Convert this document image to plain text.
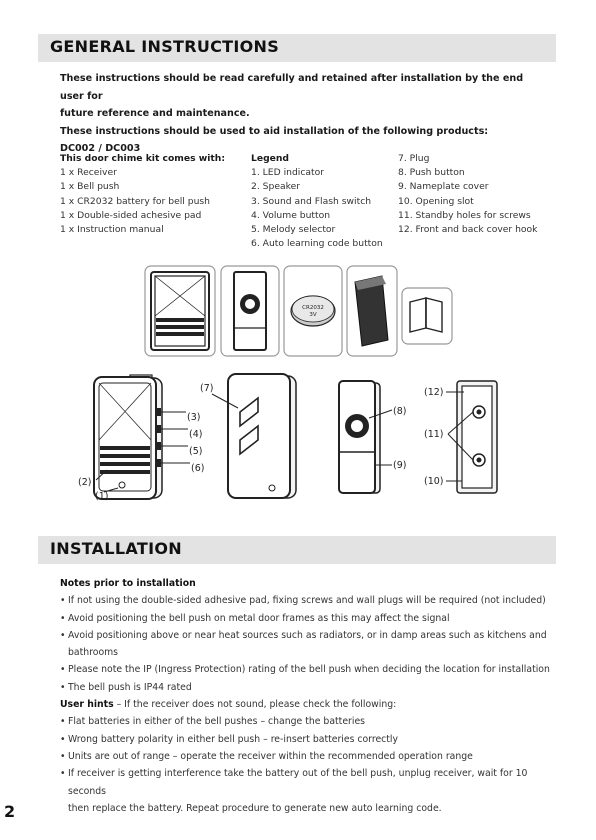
GENERAL INSTRUCTIONS

These instructions should be read carefully and retained after installation by the end user for

future reference and maintenance.

These instructions should be used to aid installation of the following products:

DC002 / DC003

This door chime kit comes with:
1 x Receiver
1 x Bell push
1 x CR2032 battery for bell push
1 x Double-sided achesive pad
1 x Instruction manual
Legend
1. LED indicator
2. Speaker
3. Sound and Flash switch
4. Volume button
5. Melody selector
6. Auto learning code button
7. Plug
8. Push button
9. Nameplate cover
10. Opening slot
11. Standby holes for screws
12. Front and back cover hook
CR2032
3V
(3)
(4)
(5)
(6)
(2)
(1)
(7)
(8)
(9)
(12)
(11)
(10)
INSTALLATION
Notes prior to installation
• If not using the double-sided adhesive pad, fixing screws and wall plugs will be required (not included)
• Avoid positioning the bell push on metal door frames as this may affect the signal
• Avoid positioning above or near heat sources such as radiators, or in damp areas such as kitchens and
bathrooms
• Please note the IP (Ingress Protection) rating of the bell push when deciding the location for installation
• The bell push is IP44 rated
User hints – If the receiver does not sound, please check the following:
• Flat batteries in either of the bell pushes – change the batteries
• Wrong battery polarity in either bell push – re-insert batteries correctly
• Units are out of range – operate the receiver within the recommended operation range
• If receiver is getting interference take the battery out of the bell push, unplug receiver, wait for 10 seconds
then replace the battery. Repeat procedure to generate new auto learning code.
2
